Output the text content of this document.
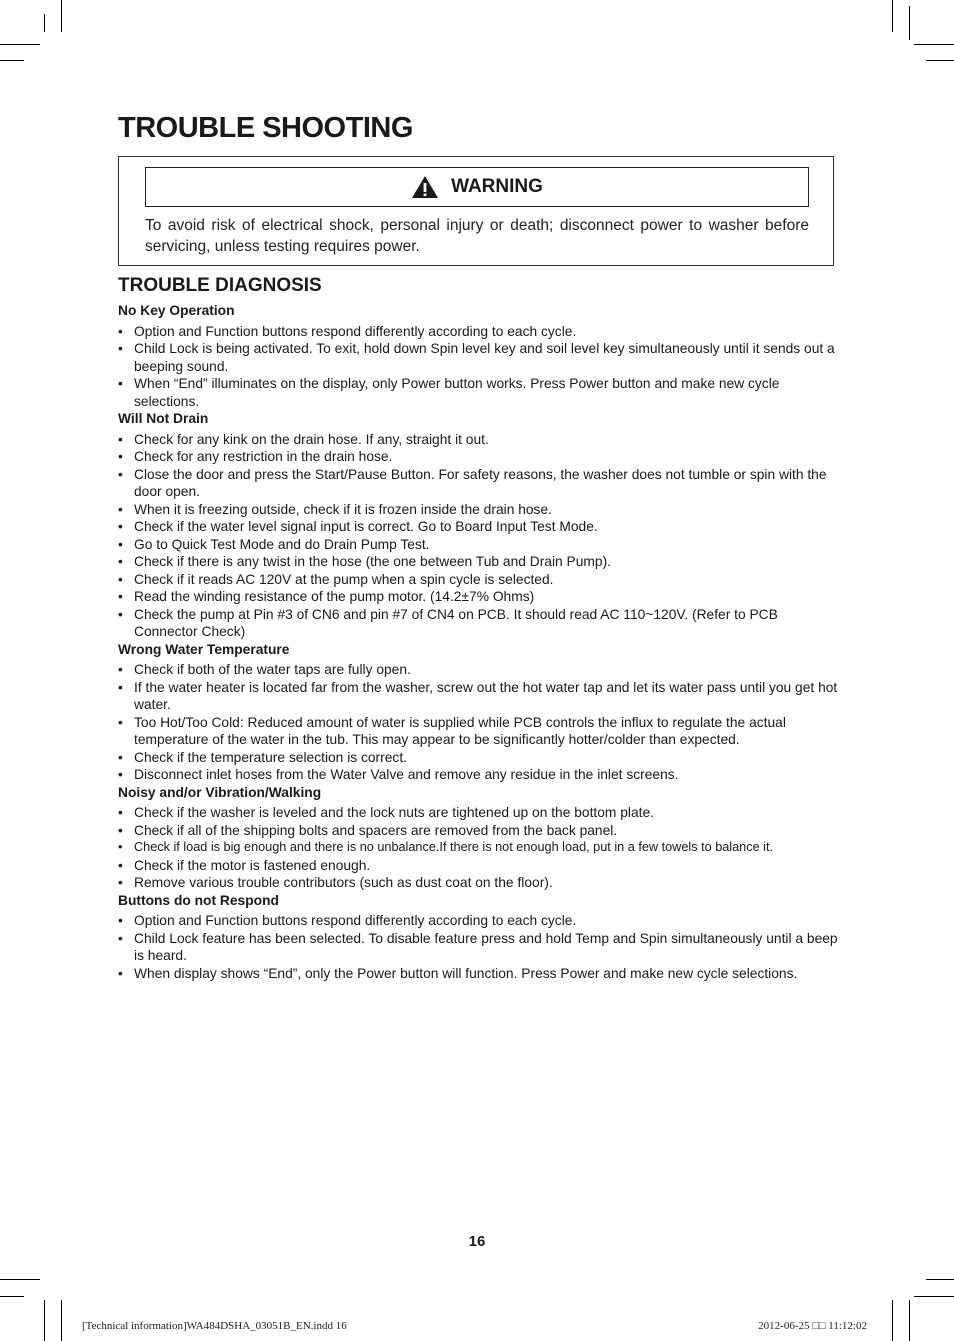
TROUBLE SHOOTING
WARNING

To avoid risk of electrical shock, personal injury or death; disconnect power to washer before servicing, unless testing requires power.

TROUBLE DIAGNOSIS

No Key Operation

• Option and Function buttons respond differently according to each cycle.
• Child Lock is being activated. To exit, hold down Spin level key and soil level key simultaneously until it sends out a beeping sound.
• When “End” illuminates on the display, only Power button works. Press Power button and make new cycle selections.

Will Not Drain

• Check for any kink on the drain hose. If any, straight it out.
• Check for any restriction in the drain hose.
• Close the door and press the Start/Pause Button. For safety reasons, the washer does not tumble or spin with the door open.
• When it is freezing outside, check if it is frozen inside the drain hose.
• Check if the water level signal input is correct. Go to Board Input Test Mode.
• Go to Quick Test Mode and do Drain Pump Test.
• Check if there is any twist in the hose (the one between Tub and Drain Pump).
• Check if it reads AC 120V at the pump when a spin cycle is selected.
• Read the winding resistance of the pump motor. (14.2±7% Ohms)
• Check the pump at Pin #3 of CN6 and pin #7 of CN4 on PCB. It should read AC 110~120V. (Refer to PCB Connector Check)

Wrong Water Temperature

• Check if both of the water taps are fully open.
• If the water heater is located far from the washer, screw out the hot water tap and let its water pass until you get hot water.
• Too Hot/Too Cold: Reduced amount of water is supplied while PCB controls the influx to regulate the actual temperature of the water in the tub. This may appear to be significantly hotter/colder than expected.
• Check if the temperature selection is correct.
• Disconnect inlet hoses from the Water Valve and remove any residue in the inlet screens.

Noisy and/or Vibration/Walking

• Check if the washer is leveled and the lock nuts are tightened up on the bottom plate.
• Check if all of the shipping bolts and spacers are removed from the back panel.
• Check if load is big enough and there is no unbalance.If there is not enough load, put in a few towels to balance it.
• Check if the motor is fastened enough.
• Remove various trouble contributors (such as dust coat on the floor).

Buttons do not Respond

• Option and Function buttons respond differently according to each cycle.
• Child Lock feature has been selected. To disable feature press and hold Temp and Spin simultaneously until a beep is heard.
• When display shows “End”, only the Power button will function. Press Power and make new cycle selections.
16
[Technical information]WA484DSHA_03051B_EN.indd 16	2012-06-25 □□ 11:12:02
